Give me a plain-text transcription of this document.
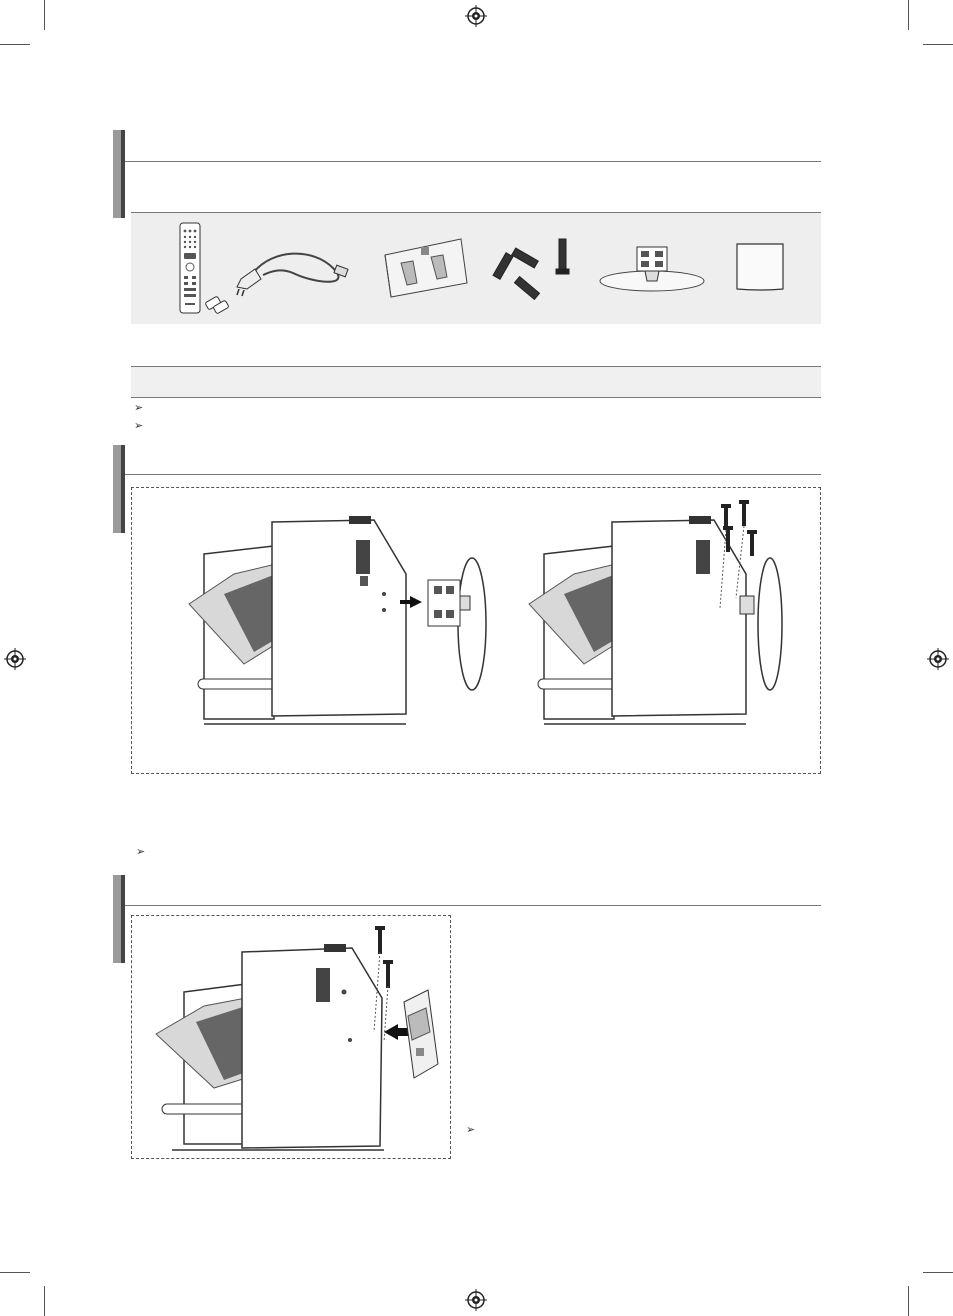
➢
➢
➢
➢
